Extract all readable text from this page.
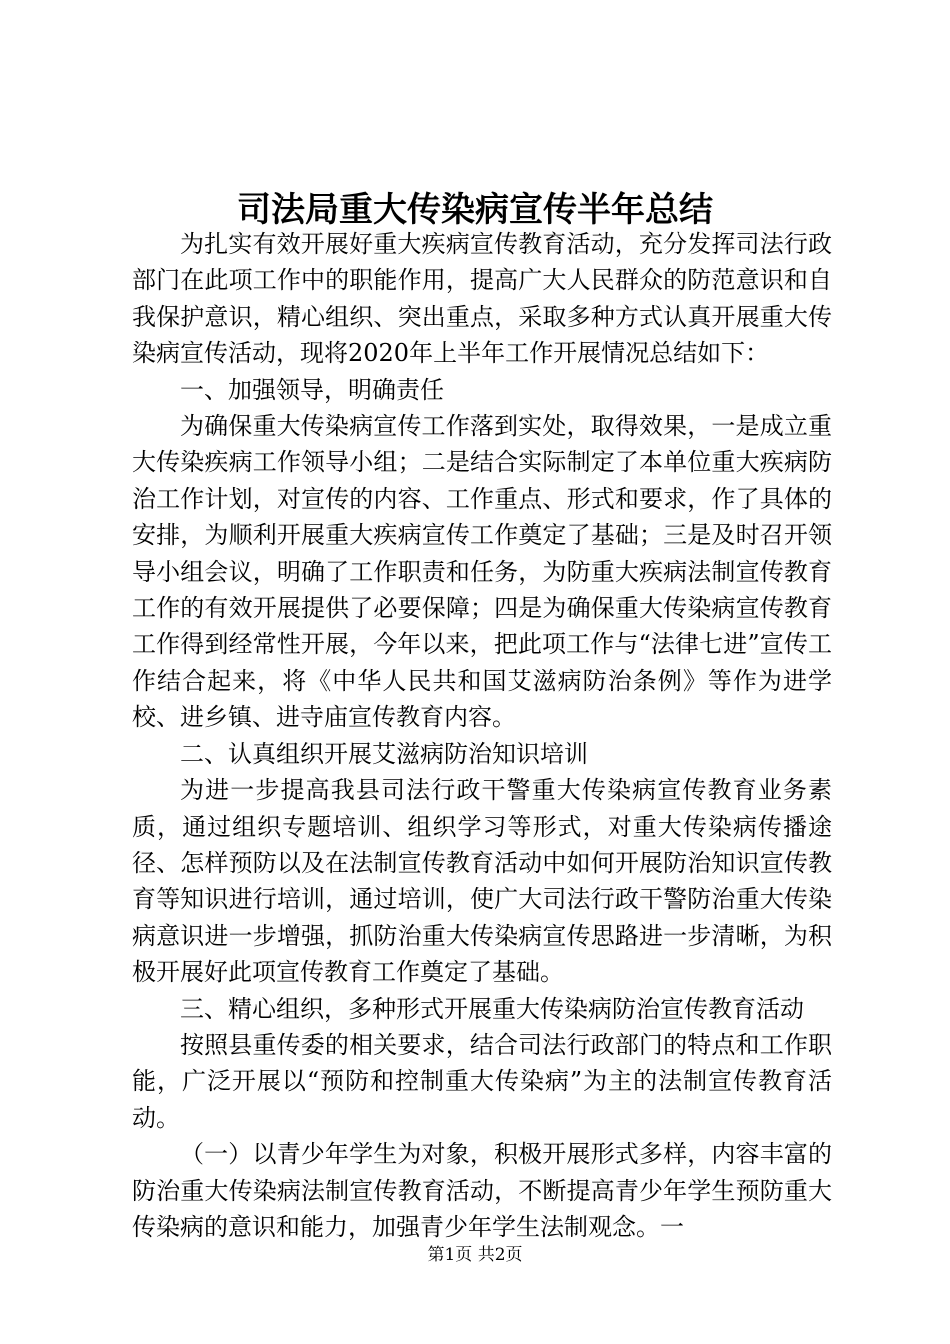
司法局重大传染病宣传半年总结

为扎实有效开展好重大疾病宣传教育活动，充分发挥司法行政部门在此项工作中的职能作用，提高广大人民群众的防范意识和自我保护意识，精心组织、突出重点，采取多种方式认真开展重大传染病宣传活动，现将2020年上半年工作开展情况总结如下：

一、加强领导，明确责任

为确保重大传染病宣传工作落到实处，取得效果，一是成立重大传染疾病工作领导小组；二是结合实际制定了本单位重大疾病防治工作计划，对宣传的内容、工作重点、形式和要求，作了具体的安排，为顺利开展重大疾病宣传工作奠定了基础；三是及时召开领导小组会议，明确了工作职责和任务，为防重大疾病法制宣传教育工作的有效开展提供了必要保障；四是为确保重大传染病宣传教育工作得到经常性开展，今年以来，把此项工作与“法律七进”宣传工作结合起来，将《中华人民共和国艾滋病防治条例》等作为进学校、进乡镇、进寺庙宣传教育内容。

二、认真组织开展艾滋病防治知识培训

为进一步提高我县司法行政干警重大传染病宣传教育业务素质，通过组织专题培训、组织学习等形式，对重大传染病传播途径、怎样预防以及在法制宣传教育活动中如何开展防治知识宣传教育等知识进行培训，通过培训，使广大司法行政干警防治重大传染病意识进一步增强，抓防治重大传染病宣传思路进一步清晰，为积极开展好此项宣传教育工作奠定了基础。

三、精心组织，多种形式开展重大传染病防治宣传教育活动

按照县重传委的相关要求，结合司法行政部门的特点和工作职能，广泛开展以“预防和控制重大传染病”为主的法制宣传教育活动。

（一）以青少年学生为对象，积极开展形式多样，内容丰富的防治重大传染病法制宣传教育活动，不断提高青少年学生预防重大传染病的意识和能力，加强青少年学生法制观念。一

第1页 共2页
